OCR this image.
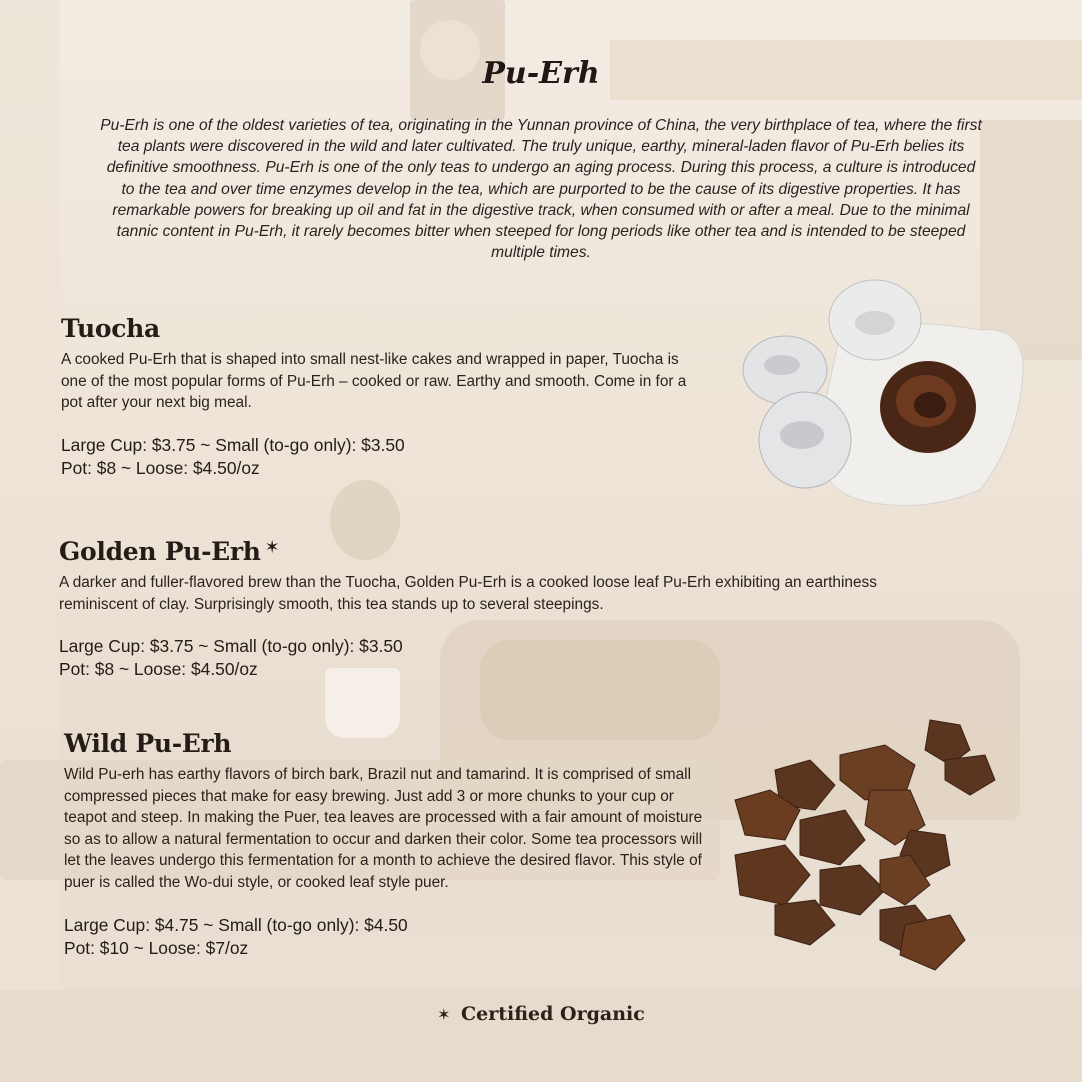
Pu-Erh

Pu-Erh is one of the oldest varieties of tea, originating in the Yunnan province of China, the very birthplace of tea, where the first tea plants were discovered in the wild and later cultivated. The truly unique, earthy, mineral-laden flavor of Pu-Erh belies its definitive smoothness. Pu-Erh is one of the only teas to undergo an aging process. During this process, a culture is introduced to the tea and over time enzymes develop in the tea, which are purported to be the cause of its digestive properties. It has remarkable powers for breaking up oil and fat in the digestive track, when consumed with or after a meal. Due to the minimal tannic content in Pu-Erh, it rarely becomes bitter when steeped for long periods like other tea and is intended to be steeped multiple times.

Tuocha

A cooked Pu-Erh that is shaped into small nest-like cakes and wrapped in paper, Tuocha is one of the most popular forms of Pu-Erh – cooked or raw. Earthy and smooth. Come in for a pot after your next big meal.

Large Cup: $3.75 ~ Small (to-go only): $3.50
Pot: $8 ~ Loose: $4.50/oz

Golden Pu-Erh ✶

A darker and fuller-flavored brew than the Tuocha, Golden Pu-Erh is a cooked loose leaf Pu-Erh exhibiting an earthiness reminiscent of clay. Surprisingly smooth, this tea stands up to several steepings.

Large Cup: $3.75 ~ Small (to-go only): $3.50
Pot: $8 ~ Loose: $4.50/oz

Wild Pu-Erh

Wild Pu-erh has earthy flavors of birch bark, Brazil nut and tamarind. It is comprised of small compressed pieces that make for easy brewing. Just add 3 or more chunks to your cup or teapot and steep. In making the Puer, tea leaves are processed with a fair amount of moisture so as to allow a natural fermentation to occur and darken their color. Some tea processors will let the leaves undergo this fermentation for a month to achieve the desired flavor. This style of puer is called the Wo-dui style, or cooked leaf style puer.

Large Cup: $4.75 ~ Small (to-go only): $4.50
Pot: $10 ~ Loose: $7/oz

✶ Certified Organic
